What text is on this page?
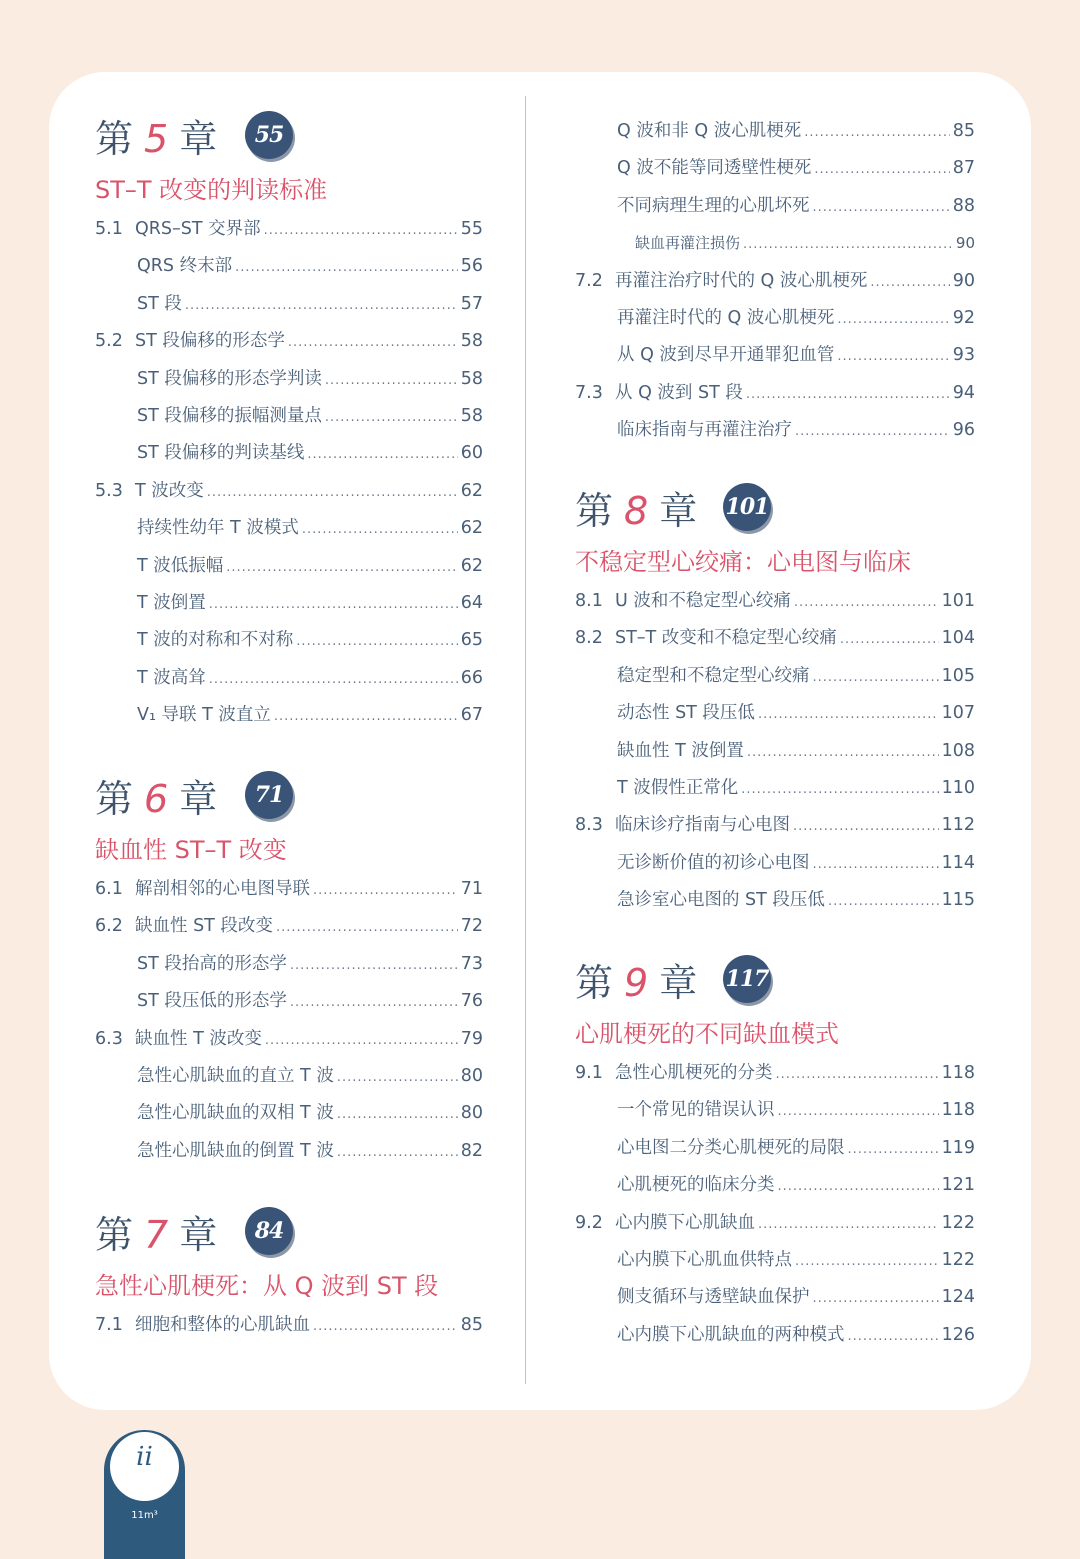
第 5 章	55
ST–T 改变的判读标准
5.1 QRS–ST 交界部 .....	55
QRS 终末部 .....	56
ST 段 .....	57
5.2 ST 段偏移的形态学 .....	58
ST 段偏移的形态学判读 .....	58
ST 段偏移的振幅测量点 .....	58
ST 段偏移的判读基线 .....	60
5.3 T 波改变 .....	62
持续性幼年 T 波模式 .....	62
T 波低振幅 .....	62
T 波倒置 .....	64
T 波的对称和不对称 .....	65
T 波高耸 .....	66
V₁ 导联 T 波直立 .....	67
第 6 章	71
缺血性 ST–T 改变
6.1 解剖相邻的心电图导联 .....	71
6.2 缺血性 ST 段改变 .....	72
ST 段抬高的形态学 .....	73
ST 段压低的形态学 .....	76
6.3 缺血性 T 波改变 .....	79
急性心肌缺血的直立 T 波 .....	80
急性心肌缺血的双相 T 波 .....	80
急性心肌缺血的倒置 T 波 .....	82
第 7 章	84
急性心肌梗死：从 Q 波到 ST 段
7.1 细胞和整体的心肌缺血 .....	85
Q 波和非 Q 波心肌梗死 .....	85
Q 波不能等同透壁性梗死 .....	87
不同病理生理的心肌坏死 .....	88
缺血再灌注损伤 .....	90
7.2 再灌注治疗时代的 Q 波心肌梗死 .....	90
再灌注时代的 Q 波心肌梗死 .....	92
从 Q 波到尽早开通罪犯血管 .....	93
7.3 从 Q 波到 ST 段 .....	94
临床指南与再灌注治疗 .....	96
第 8 章 101
不稳定型心绞痛：心电图与临床
8.1 U 波和不稳定型心绞痛 .....	101
8.2 ST–T 改变和不稳定型心绞痛 .....	104
稳定型和不稳定型心绞痛 .....	105
动态性 ST 段压低 .....	107
缺血性 T 波倒置 .....	108
T 波假性正常化 .....	110
8.3 临床诊疗指南与心电图 .....	112
无诊断价值的初诊心电图 .....	114
急诊室心电图的 ST 段压低 .....	115
第 9 章 117
心肌梗死的不同缺血模式
9.1 急性心肌梗死的分类 .....	118
一个常见的错误认识 .....	118
心电图二分类心肌梗死的局限 .....	119
心肌梗死的临床分类 .....	121
9.2 心内膜下心肌缺血 .....	122
心内膜下心肌血供特点 .....	122
侧支循环与透壁缺血保护 .....	124
心内膜下心肌缺血的两种模式 .....	126
ii
11m³
